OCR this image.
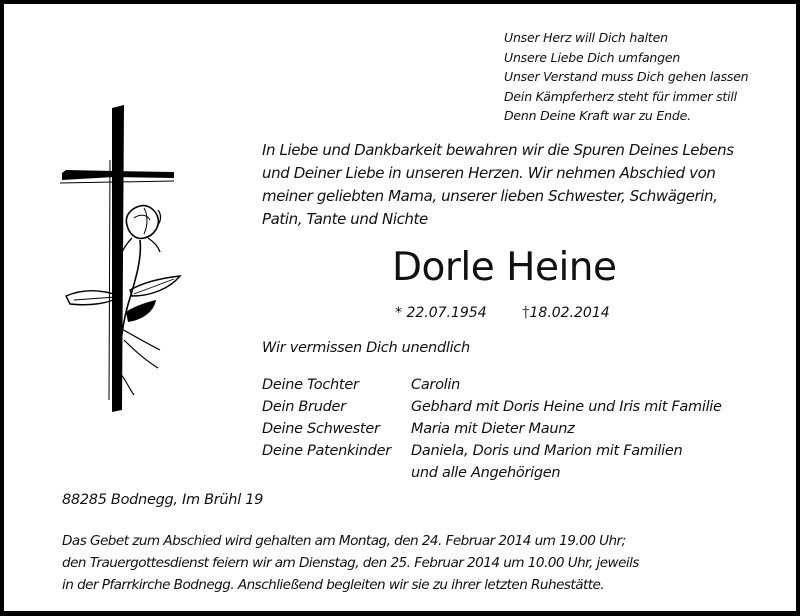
Unser Herz will Dich halten
Unsere Liebe Dich umfangen
Unser Verstand muss Dich gehen lassen
Dein Kämpferherz steht für immer still
Denn Deine Kraft war zu Ende.
In Liebe und Dankbarkeit bewahren wir die Spuren Deines Lebens
und Deiner Liebe in unseren Herzen. Wir nehmen Abschied von
meiner geliebten Mama, unserer lieben Schwester, Schwägerin,
Patin, Tante und Nichte
Dorle Heine
* 22.07.1954 †18.02.2014
Wir vermissen Dich unendlich
Deine Tochter	Carolin
Dein Bruder	Gebhard mit Doris Heine und Iris mit Familie
Deine Schwester	Maria mit Dieter Maunz
Deine Patenkinder	Daniela, Doris und Marion mit Familien
und alle Angehörigen
88285 Bodnegg, Im Brühl 19
Das Gebet zum Abschied wird gehalten am Montag, den 24. Februar 2014 um 19.00 Uhr;
den Trauergottesdienst feiern wir am Dienstag, den 25. Februar 2014 um 10.00 Uhr, jeweils
in der Pfarrkirche Bodnegg. Anschließend begleiten wir sie zu ihrer letzten Ruhestätte.
